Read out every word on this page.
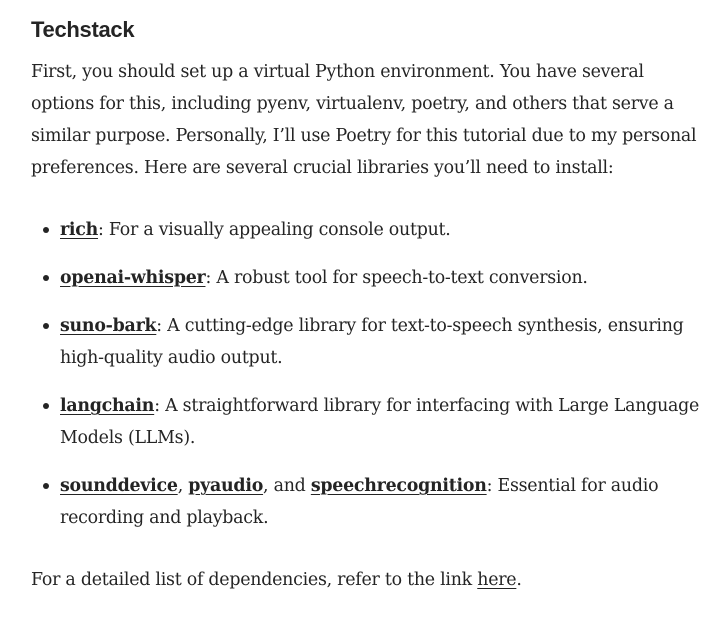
Techstack

First, you should set up a virtual Python environment. You have several options for this, including pyenv, virtualenv, poetry, and others that serve a similar purpose. Personally, I’ll use Poetry for this tutorial due to my personal preferences. Here are several crucial libraries you’ll need to install:

rich: For a visually appealing console output.
openai-whisper: A robust tool for speech-to-text conversion.
suno-bark: A cutting-edge library for text-to-speech synthesis, ensuring high-quality audio output.
langchain: A straightforward library for interfacing with Large Language Models (LLMs).
sounddevice, pyaudio, and speechrecognition: Essential for audio recording and playback.

For a detailed list of dependencies, refer to the link here.
